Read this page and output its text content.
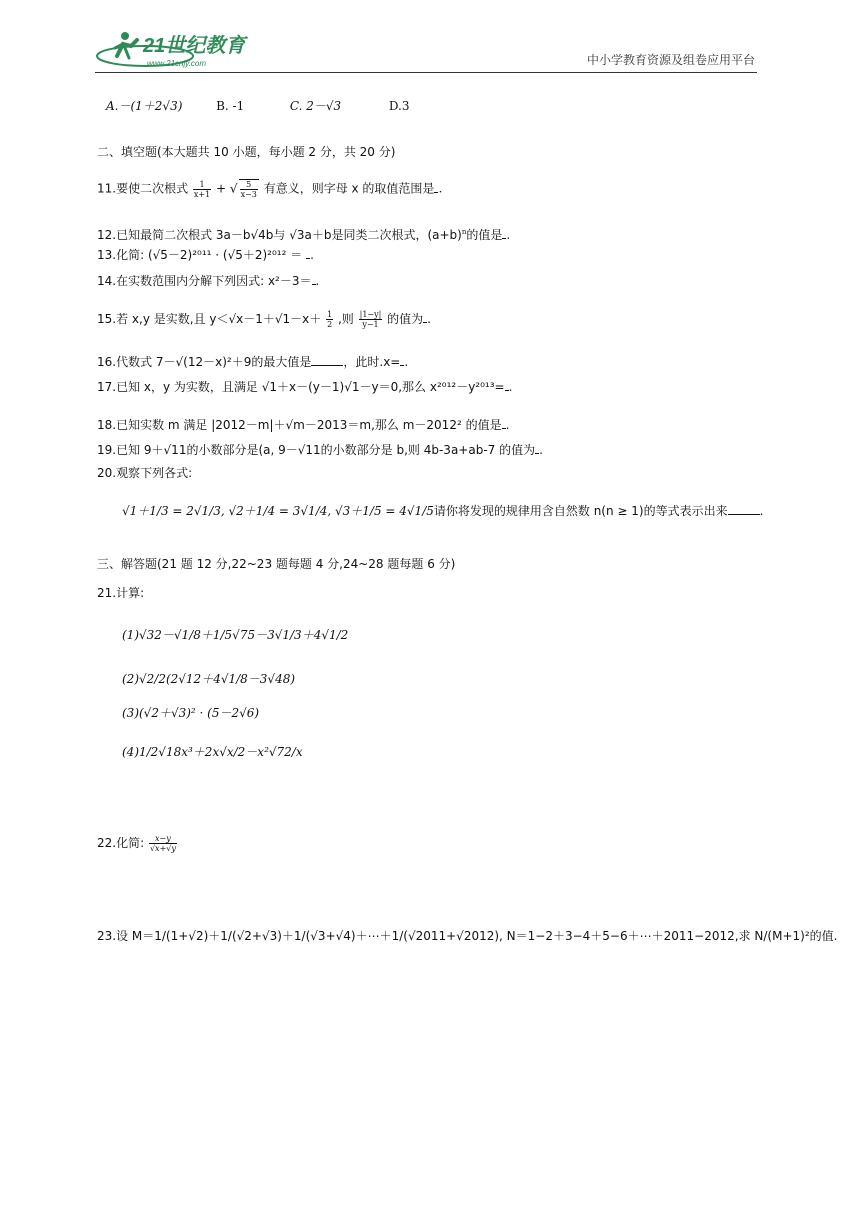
21世纪教育
www.21cnjy.com	中小学教育资源及组卷应用平台
A.－(1＋2√3)	B. -1	C. 2－√3	D.3
二、填空题(本大题共 10 小题，每小题 2 分，共 20 分)
11.要使二次根式 $\frac{1}{x+1}$ + √ $\frac{5}{x-3}$ 有意义，则字母 x 的取值范围是 .
12.已知最简二次根式 3a－b√4b与 √3a＋b是同类二次根式，$(a+b)^n$的值是 .
13.化简: (√5－2)²⁰¹¹ · (√5＋2)²⁰¹² ＝ .
14.在实数范围内分解下列因式: x²－3＝ .
15.若 x,y 是实数,且 $y<√x-1+√1-x+ \frac{1}{2}$ ,则 $\frac{|1-y|}{y-1}$ 的值为 .
16.代数式 7－√(12－x)²＋9的最大值是	，此时.x= .
17.已知 x，y 为实数，且满足 √1＋x－(y－1)√1－y＝0,那么 x²⁰¹²－y²⁰¹³= .
18.已知实数 m 满足 |2012－m|＋√m－2013＝m,那么 m－2012² 的值是 .
19.已知 9＋√11的小数部分是(a, 9－√11的小数部分是 b,则 4b-3a+ab-7 的值为 .
20.观察下列各式:
√1＋1/3 = 2√1/3, √2＋1/4 = 3√1/4, √3＋1/5 = 4√1/5请你将发现的规律用含自然数 n(n ≥ 1)的等式表示出来	.
三、解答题(21 题 12 分,22~23 题每题 4 分,24~28 题每题 6 分)
21.计算:
(1)√32－√1/8＋1/5√75－3√1/3＋4√1/2
(2)√2/2(2√12＋4√1/8－3√48)
(3)(√2＋√3)² · (5－2√6)
(4)1/2√18x³＋2x√x/2－x²√72/x
22.化简: $\frac{x-y}{√x+√y}$
23.设 M＝1/(1+√2)＋1/(√2+√3)＋1/(√3+√4)＋⋯＋1/(√2011+√2012), N＝1−2＋3−4＋5−6＋⋯＋2011−2012,求 N/(M+1)²的值.
